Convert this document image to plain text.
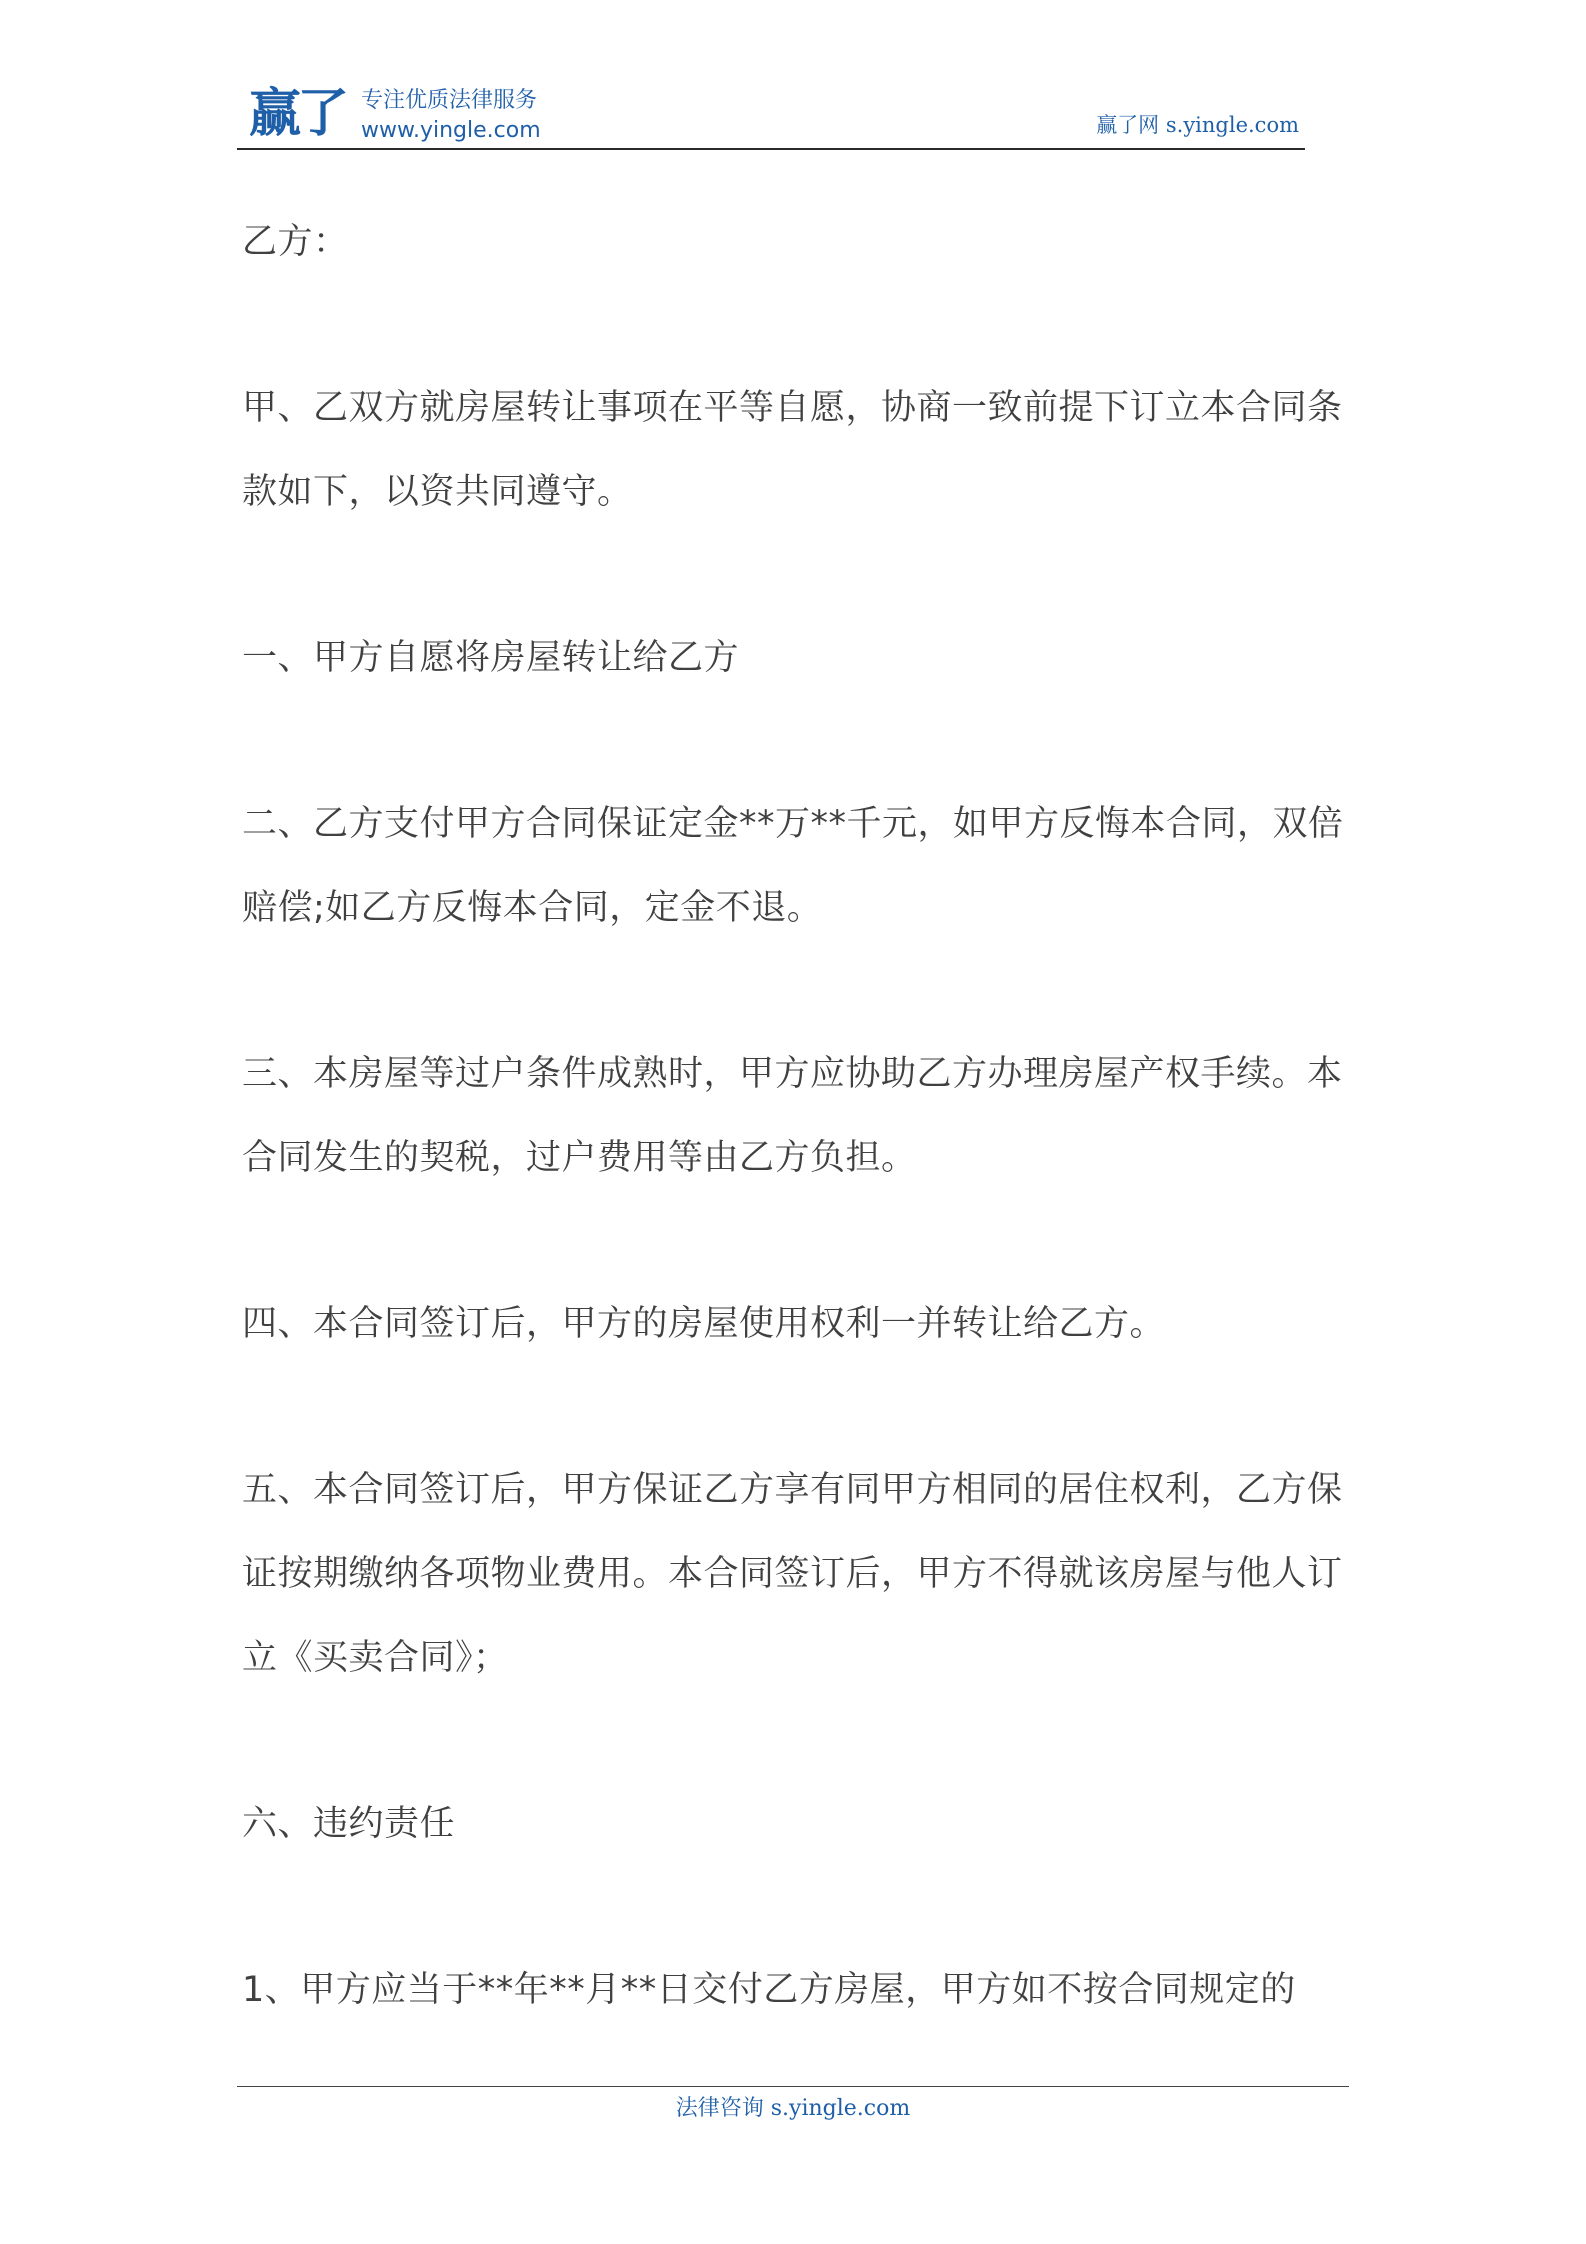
赢了 专注优质法律服务
www.yingle.com	赢了网 s.yingle.com

乙方：

甲、乙双方就房屋转让事项在平等自愿，协商一致前提下订立本合同条款如下，以资共同遵守。

一、甲方自愿将房屋转让给乙方

二、乙方支付甲方合同保证定金**万**千元，如甲方反悔本合同，双倍赔偿;如乙方反悔本合同，定金不退。

三、本房屋等过户条件成熟时，甲方应协助乙方办理房屋产权手续。本合同发生的契税，过户费用等由乙方负担。

四、本合同签订后，甲方的房屋使用权利一并转让给乙方。

五、本合同签订后，甲方保证乙方享有同甲方相同的居住权利，乙方保证按期缴纳各项物业费用。本合同签订后，甲方不得就该房屋与他人订立《买卖合同》；

六、违约责任

1、甲方应当于**年**月**日交付乙方房屋，甲方如不按合同规定的

法律咨询 s.yingle.com
